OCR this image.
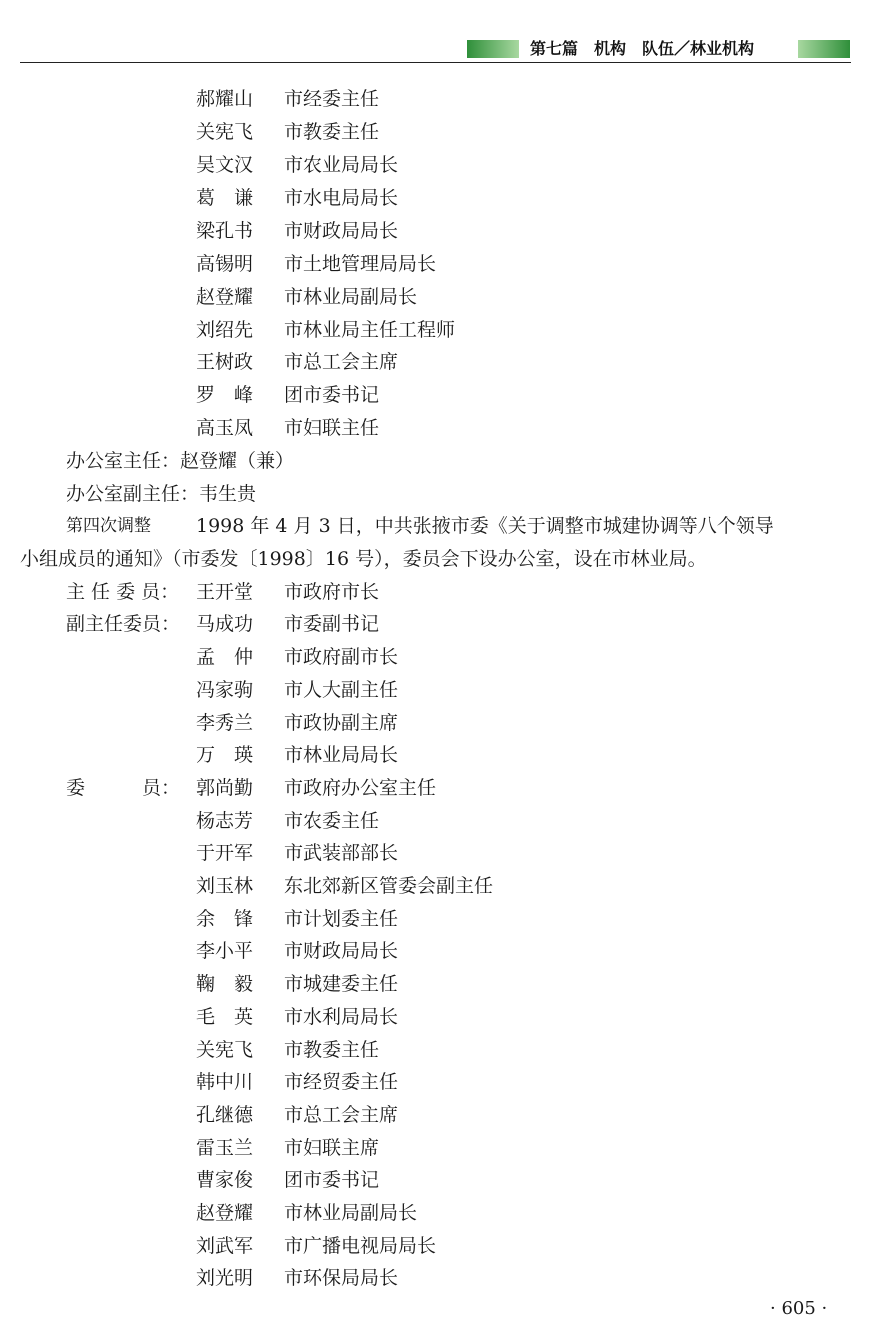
第七篇　机构　队伍／林业机构
郝耀山 市经委主任
关宪飞 市教委主任
吴文汉 市农业局局长
葛　谦 市水电局局长
梁孔书 市财政局局长
高锡明 市土地管理局局长
赵登耀 市林业局副局长
刘绍先 市林业局主任工程师
王树政 市总工会主席
罗　峰 团市委书记
高玉凤 市妇联主任
办公室主任：赵登耀（兼）
办公室副主任：韦生贵
第四次调整 1998 年 4 月 3 日，中共张掖市委《关于调整市城建协调等八个领导
小组成员的通知》（市委发〔1998〕16 号），委员会下设办公室，设在市林业局。
主 任 委 员： 王开堂 市政府市长
副主任委员： 马成功 市委副书记
孟　仲 市政府副市长
冯家驹 市人大副主任
李秀兰 市政协副主席
万　瑛 市林业局局长
委　　　员： 郭尚勤 市政府办公室主任
杨志芳 市农委主任
于开军 市武装部部长
刘玉林 东北郊新区管委会副主任
余　锋 市计划委主任
李小平 市财政局局长
鞠　毅 市城建委主任
毛　英 市水利局局长
关宪飞 市教委主任
韩中川 市经贸委主任
孔继德 市总工会主席
雷玉兰 市妇联主席
曹家俊 团市委书记
赵登耀 市林业局副局长
刘武军 市广播电视局局长
刘光明 市环保局局长
· 605 ·
